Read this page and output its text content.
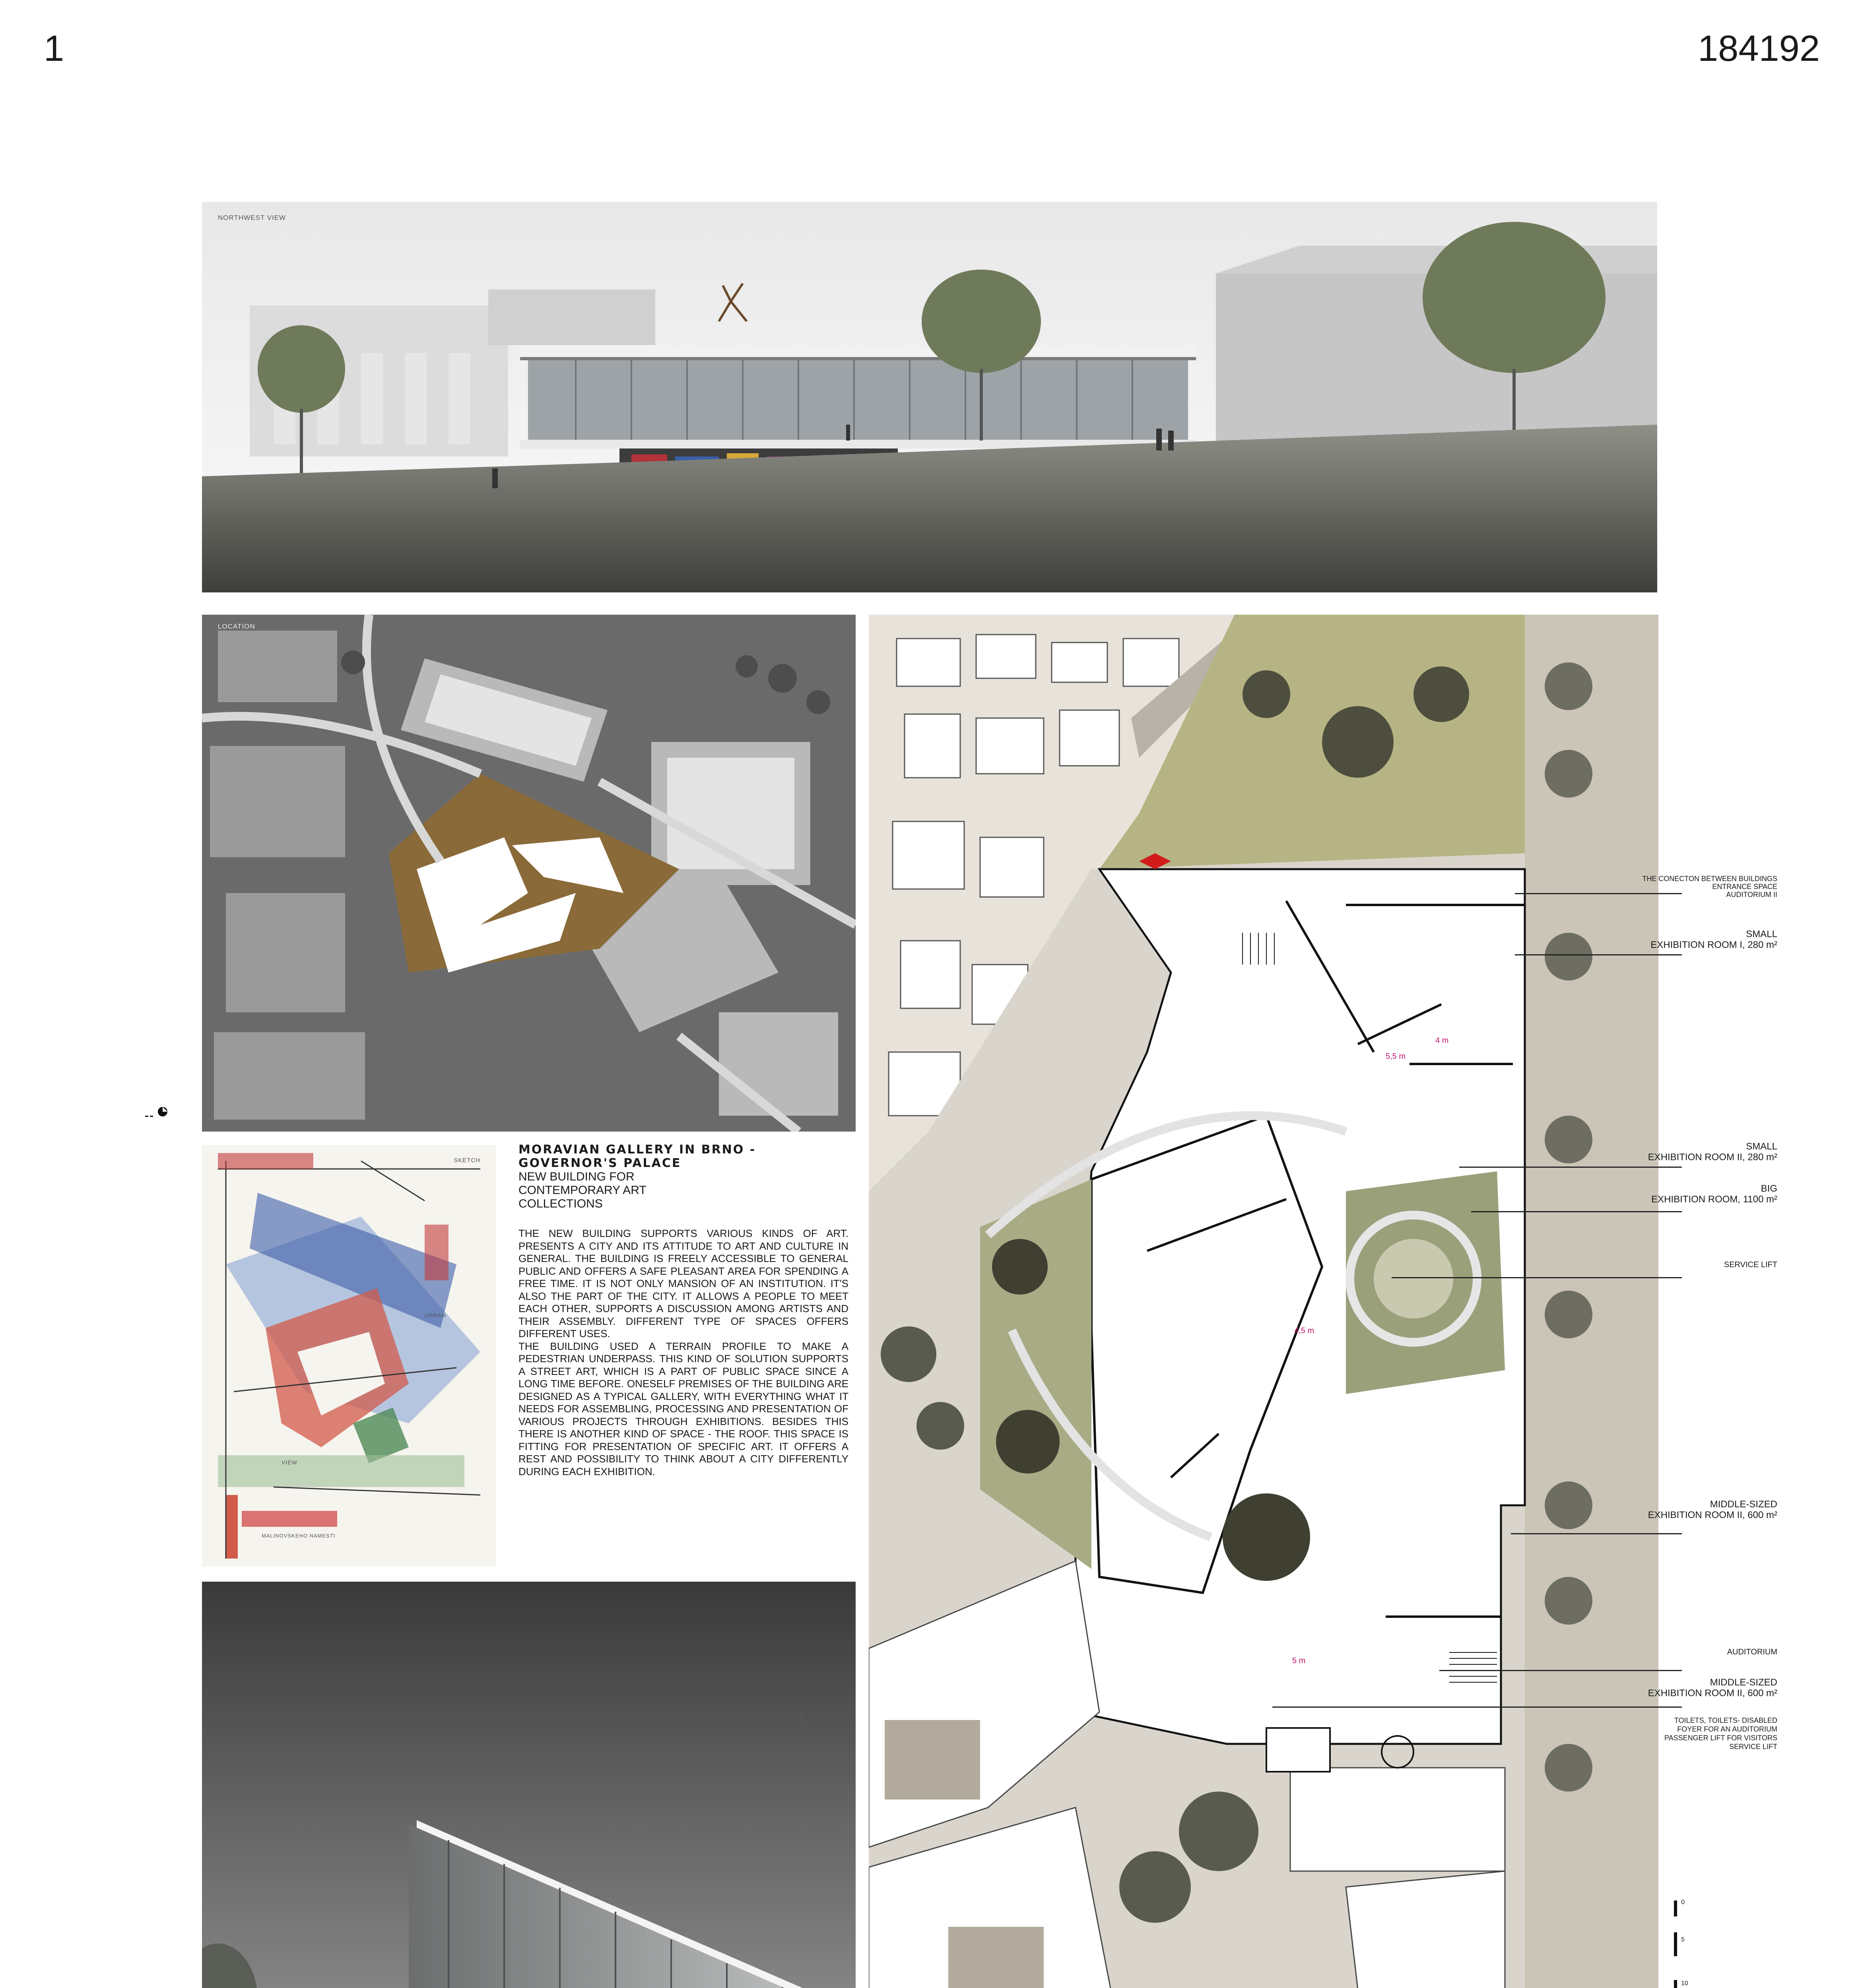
1	184192
NORTHWEST VIEW
LOCATION
SKETCH
URBAN
VIEW
MALINOVSKEHO NAMESTI
MORAVIAN GALLERY IN BRNO -
GOVERNOR'S PALACE
NEW BUILDING FOR
CONTEMPORARY ART
COLLECTIONS
THE NEW BUILDING SUPPORTS VARIOUS KINDS OF ART. PRESENTS A CITY AND ITS ATTITUDE TO ART AND CULTURE IN GENERAL. THE BUILDING IS FREELY ACCESSIBLE TO GENERAL PUBLIC AND OFFERS A SAFE PLEASANT AREA FOR SPENDING A FREE TIME. IT IS NOT ONLY MANSION OF AN INSTITUTION. IT'S ALSO THE PART OF THE CITY. IT ALLOWS A PEOPLE TO MEET EACH OTHER, SUPPORTS A DISCUSSION AMONG ARTISTS AND THEIR ASSEMBLY. DIFFERENT TYPE OF SPACES OFFERS DIFFERENT USES.
THE BUILDING USED A TERRAIN PROFILE TO MAKE A PEDESTRIAN UNDERPASS. THIS KIND OF SOLUTION SUPPORTS A STREET ART, WHICH IS A PART OF PUBLIC SPACE SINCE A LONG TIME BEFORE. ONESELF PREMISES OF THE BUILDING ARE DESIGNED AS A TYPICAL GALLERY, WITH EVERYTHING WHAT IT NEEDS FOR ASSEMBLING, PROCESSING AND PRESENTATION OF VARIOUS PROJECTS THROUGH EXHIBITIONS. BESIDES THIS THERE IS ANOTHER KIND OF SPACE - THE ROOF. THIS SPACE IS FITTING FOR PRESENTATION OF SPECIFIC ART. IT OFFERS A REST AND POSSIBILITY TO THINK ABOUT A CITY DIFFERENTLY DURING EACH EXHIBITION.
5,5 m
4 m
4,5 m
5 m
THE CONECTON BETWEEN BUILDINGS
ENTRANCE SPACE
AUDITORIUM II
SMALL
EXHIBITION ROOM I, 280 m²
SMALL
EXHIBITION ROOM II, 280 m²
BIG
EXHIBITION ROOM, 1100 m²
SERVICE LIFT
MIDDLE-SIZED
EXHIBITION ROOM II, 600 m²
AUDITORIUM
MIDDLE-SIZED
EXHIBITION ROOM II, 600 m²
TOILETS, TOILETS- DISABLED
FOYER FOR AN AUDITORIUM
PASSENGER LIFT FOR VISITORS
SERVICE LIFT
0
5
10
